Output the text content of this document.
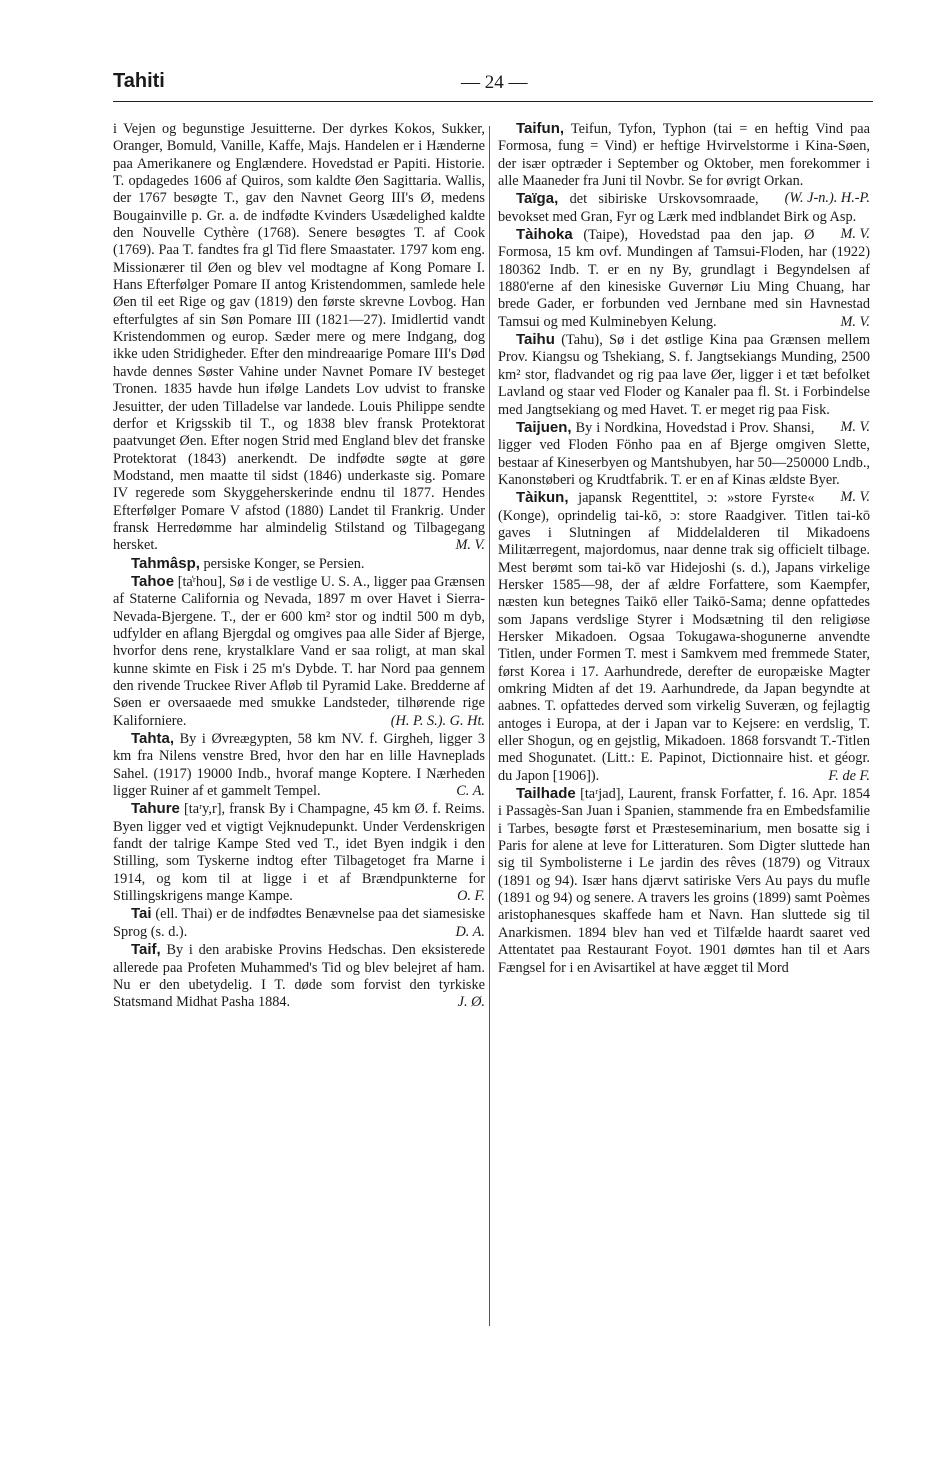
Tahiti	— 24 —

i Vejen og begunstige Jesuitterne. Der dyrkes Kokos, Sukker, Oranger, Bomuld, Vanille, Kaffe, Majs. Handelen er i Hænderne paa Amerikanere og Englændere. Hovedstad er Papiti. Historie. T. opdagedes 1606 af Quiros, som kaldte Øen Sagittaria. Wallis, der 1767 besøgte T., gav den Navnet Georg III's Ø, medens Bougainville p. Gr. a. de indfødte Kvinders Usædelighed kaldte den Nouvelle Cythère (1768). Senere besøgtes T. af Cook (1769). Paa T. fandtes fra gl Tid flere Smaastater. 1797 kom eng. Missionærer til Øen og blev vel modtagne af Kong Pomare I. Hans Efterfølger Pomare II antog Kristendommen, samlede hele Øen til eet Rige og gav (1819) den første skrevne Lovbog. Han efterfulgtes af sin Søn Pomare III (1821—27). Imidlertid vandt Kristendommen og europ. Sæder mere og mere Indgang, dog ikke uden Stridigheder. Efter den mindreaarige Pomare III's Død havde dennes Søster Vahine under Navnet Pomare IV besteget Tronen. 1835 havde hun ifølge Landets Lov udvist to franske Jesuitter, der uden Tilladelse var landede. Louis Philippe sendte derfor et Krigsskib til T., og 1838 blev fransk Protektorat paatvunget Øen. Efter nogen Strid med England blev det franske Protektorat (1843) anerkendt. De indfødte søgte at gøre Modstand, men maatte til sidst (1846) underkaste sig. Pomare IV regerede som Skyggeherskerinde endnu til 1877. Hendes Efterfølger Pomare V afstod (1880) Landet til Frankrig. Under fransk Herredømme har almindelig Stilstand og Tilbagegang hersket.	M. V.

Tahmâsp, persiske Konger, se Persien.

Tahoe [ta̍ʳhou], Sø i de vestlige U. S. A., ligger paa Grænsen af Staterne California og Nevada, 1897 m over Havet i Sierra-Nevada-Bjergene. T., der er 600 km² stor og indtil 500 m dyb, udfylder en aflang Bjergdal og omgives paa alle Sider af Bjerge, hvorfor dens rene, krystalklare Vand er saa roligt, at man skal kunne skimte en Fisk i 25 m's Dybde. T. har Nord paa gennem den rivende Truckee River Afløb til Pyramid Lake. Bredderne af Søen er oversaaede med smukke Landsteder, tilhørende rige Kaliforniere.	(H. P. S.). G. Ht.

Tahta, By i Øvreægypten, 58 km NV. f. Girgheh, ligger 3 km fra Nilens venstre Bred, hvor den har en lille Havneplads Sahel. (1917) 19000 Indb., hvoraf mange Koptere. I Nærheden ligger Ruiner af et gammelt Tempel.	C. A.

Tahure [taʳy,r], fransk By i Champagne, 45 km Ø. f. Reims. Byen ligger ved et vigtigt Vejknudepunkt. Under Verdenskrigen fandt der talrige Kampe Sted ved T., idet Byen indgik i den Stilling, som Tyskerne indtog efter Tilbagetoget fra Marne i 1914, og kom til at ligge i et af Brændpunkterne for Stillingskrigens mange Kampe.	O. F.

Tai (ell. Thai) er de indfødtes Benævnelse paa det siamesiske Sprog (s. d.).	D. A.

Taif, By i den arabiske Provins Hedschas. Den eksisterede allerede paa Profeten Muhammed's Tid og blev belejret af ham. Nu er den ubetydelig. I T. døde som forvist den tyrkiske Statsmand Midhat Pasha 1884.	J. Ø.

Taifun, Teifun, Tyfon, Typhon (tai = en heftig Vind paa Formosa, fung = Vind) er heftige Hvirvelstorme i Kina-Søen, der især optræder i September og Oktober, men forekommer i alle Maaneder fra Juni til Novbr. Se for øvrigt Orkan.
(W. J-n.). H.-P.

Taïga, det sibiriske Urskovsomraade, bevokset med Gran, Fyr og Lærk med indblandet Birk og Asp.
M. V.

Tàihoka (Taipe), Hovedstad paa den jap. Ø Formosa, 15 km ovf. Mundingen af Tamsui-Floden, har (1922) 180362 Indb. T. er en ny By, grundlagt i Begyndelsen af 1880'erne af den kinesiske Guvernør Liu Ming Chuang, har brede Gader, er forbunden ved Jernbane med sin Havnestad Tamsui og med Kulminebyen Kelung.	M. V.

Taihu (Tahu), Sø i det østlige Kina paa Grænsen mellem Prov. Kiangsu og Tshekiang, S. f. Jangtsekiangs Munding, 2500 km² stor, fladvandet og rig paa lave Øer, ligger i et tæt befolket Lavland og staar ved Floder og Kanaler paa fl. St. i Forbindelse med Jangtsekiang og med Havet. T. er meget rig paa Fisk.
M. V.

Taijuen, By i Nordkina, Hovedstad i Prov. Shansi, ligger ved Floden Fönho paa en af Bjerge omgiven Slette, bestaar af Kineserbyen og Mantshubyen, har 50—250000 Lndb., Kanonstøberi og Krudtfabrik. T. er en af Kinas ældste Byer.
M. V.

Tàikun, japansk Regenttitel, ɔ: »store Fyrste« (Konge), oprindelig tai-kō, ɔ: store Raadgiver. Titlen tai-kō gaves i Slutningen af Middelalderen til Mikadoens Militærregent, majordomus, naar denne trak sig officielt tilbage. Mest berømt som tai-kō var Hidejoshi (s. d.), Japans virkelige Hersker 1585—98, der af ældre Forfattere, som Kaempfer, næsten kun betegnes Taikō eller Taikō-Sama; denne opfattedes som Japans verdslige Styrer i Modsætning til den religiøse Hersker Mikadoen. Ogsaa Tokugawa-shogunerne anvendte Titlen, under Formen T. mest i Samkvem med fremmede Stater, først Korea i 17. Aarhundrede, derefter de europæiske Magter omkring Midten af det 19. Aarhundrede, da Japan begyndte at aabnes. T. opfattedes derved som virkelig Suveræn, og fejlagtig antoges i Europa, at der i Japan var to Kejsere: en verdslig, T. eller Shogun, og en gejstlig, Mikadoen. 1868 forsvandt T.-Titlen med Shogunatet. (Litt.: E. Papinot, Dictionnaire hist. et géogr. du Japon [1906]).	F. de F.

Tailhade [taʳjad], Laurent, fransk Forfatter, f. 16. Apr. 1854 i Passagès-San Juan i Spanien, stammende fra en Embedsfamilie i Tarbes, besøgte først et Præsteseminarium, men bosatte sig i Paris for alene at leve for Litteraturen. Som Digter sluttede han sig til Symbolisterne i Le jardin des rêves (1879) og Vitraux (1891 og 94). Især hans djærvt satiriske Vers Au pays du mufle (1891 og 94) og senere. A travers les groins (1899) samt Poèmes aristophanesques skaffede ham et Navn. Han sluttede sig til Anarkismen. 1894 blev han ved et Tilfælde haardt saaret ved Attentatet paa Restaurant Foyot. 1901 dømtes han til et Aars Fængsel for i en Avisartikel at have ægget til Mord
